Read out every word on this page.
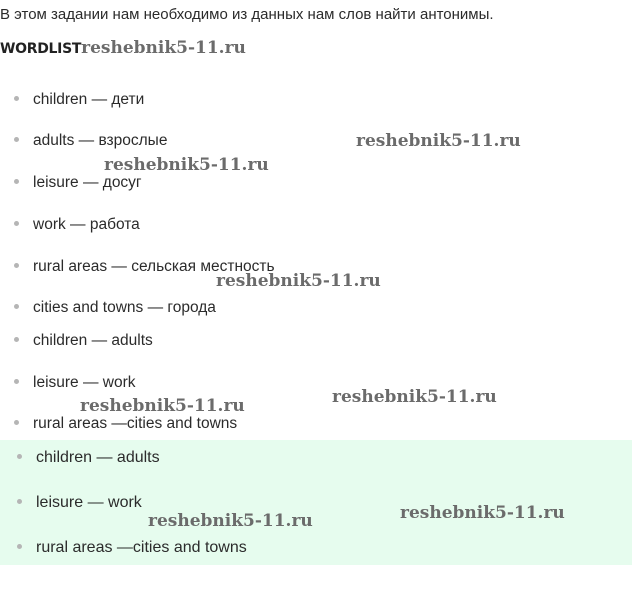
В этом задании нам необходимо из данных нам слов найти антонимы.
WORDLISTreshebnik5-11.ru
children — дети
adults — взрослые
leisure — досуг
work — работа
rural areas — сельская местность
cities and towns — города
children — adults
leisure — work
rural areas —cities and towns
children — adults
leisure — work
rural areas —cities and towns
reshebnik5-11.ru
reshebnik5-11.ru
reshebnik5-11.ru
reshebnik5-11.ru
reshebnik5-11.ru
reshebnik5-11.ru
reshebnik5-11.ru
